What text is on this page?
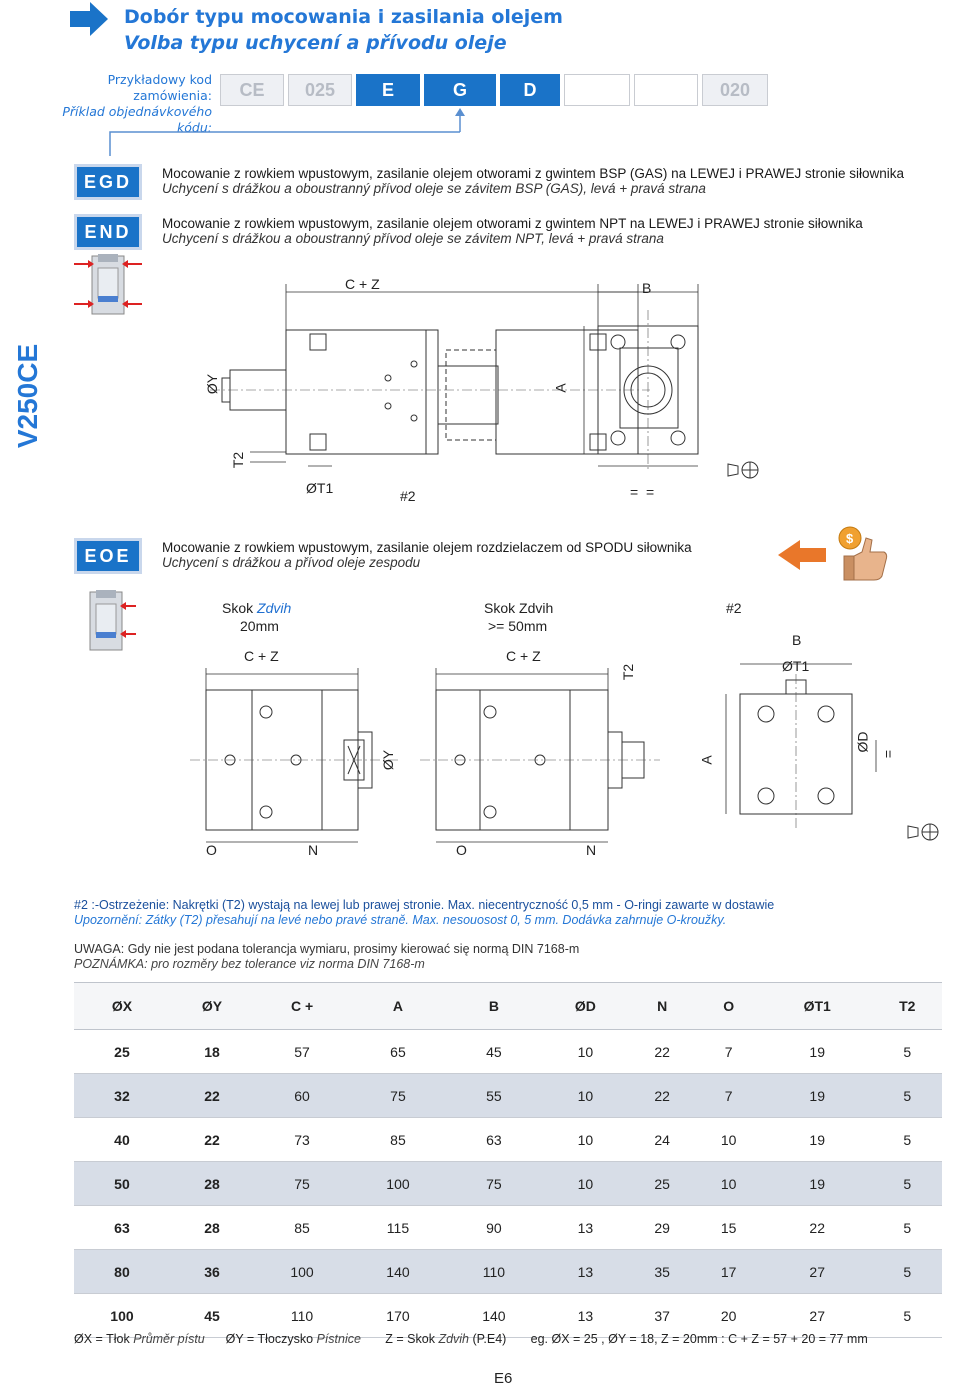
Dobór typu mocowania i zasilania olejem
Volba typu uchycení a přívodu oleje
Przykładowy kod zamówienia:
Příklad objednávkového kódu:
CE	025	E	G	D	020
EGD	Mocowanie z rowkiem wpustowym, zasilanie olejem otworami z gwintem BSP (GAS) na LEWEJ i PRAWEJ stronie siłownika
Uchycení s drážkou a oboustranný přívod oleje se závitem BSP (GAS), levá + pravá strana
END	Mocowanie z rowkiem wpustowym, zasilanie olejem otworami z gwintem NPT na LEWEJ i PRAWEJ stronie siłownika
Uchycení s drážkou a oboustranný přívod oleje se závitem NPT, levá + pravá strana
V250CE
C + Z	B
ØY	A
T2
ØT1	#2	=  =
EOE	Mocowanie z rowkiem wpustowym, zasilanie olejem rozdzielaczem od SPODU siłownika
Uchycení s drážkou a přívod oleje zespodu
$
Skok Zdvih
20mm
Skok Zdvih
>= 50mm
C + Z	C + Z
#2
B
ØT1
T2
ØY	A
ØD
=
O	N	O	N
#2 :-Ostrzeżenie: Nakrętki (T2) wystają na lewej lub prawej stronie. Max. niecentryczność 0,5 mm - O-ringi zawarte w dostawie
Upozornění: Zátky (T2) přesahují na levé nebo pravé straně. Max. nesouosost 0, 5 mm. Dodávka zahrnuje O-kroužky.
UWAGA: Gdy nie jest podana tolerancja wymiaru, prosimy kierować się normą DIN 7168-m
POZNÁMKA: pro rozměry bez tolerance viz norma DIN 7168-m
ØX	ØY	C +	A	B	ØD	N	O	ØT1	T2
25	18	57	65	45	10	22	7	19	5
32	22	60	75	55	10	22	7	19	5
40	22	73	85	63	10	24	10	19	5
50	28	75	100	75	10	25	10	19	5
63	28	85	115	90	13	29	15	22	5
80	36	100	140	110	13	35	17	27	5
100	45	110	170	140	13	37	20	27	5
ØX = Tłok Průměr pístu ØY = Tłoczysko Pístnice Z = Skok Zdvih (P.E4) eg. ØX = 25 , ØY = 18, Z = 20mm : C + Z = 57 + 20 = 77 mm
E6
